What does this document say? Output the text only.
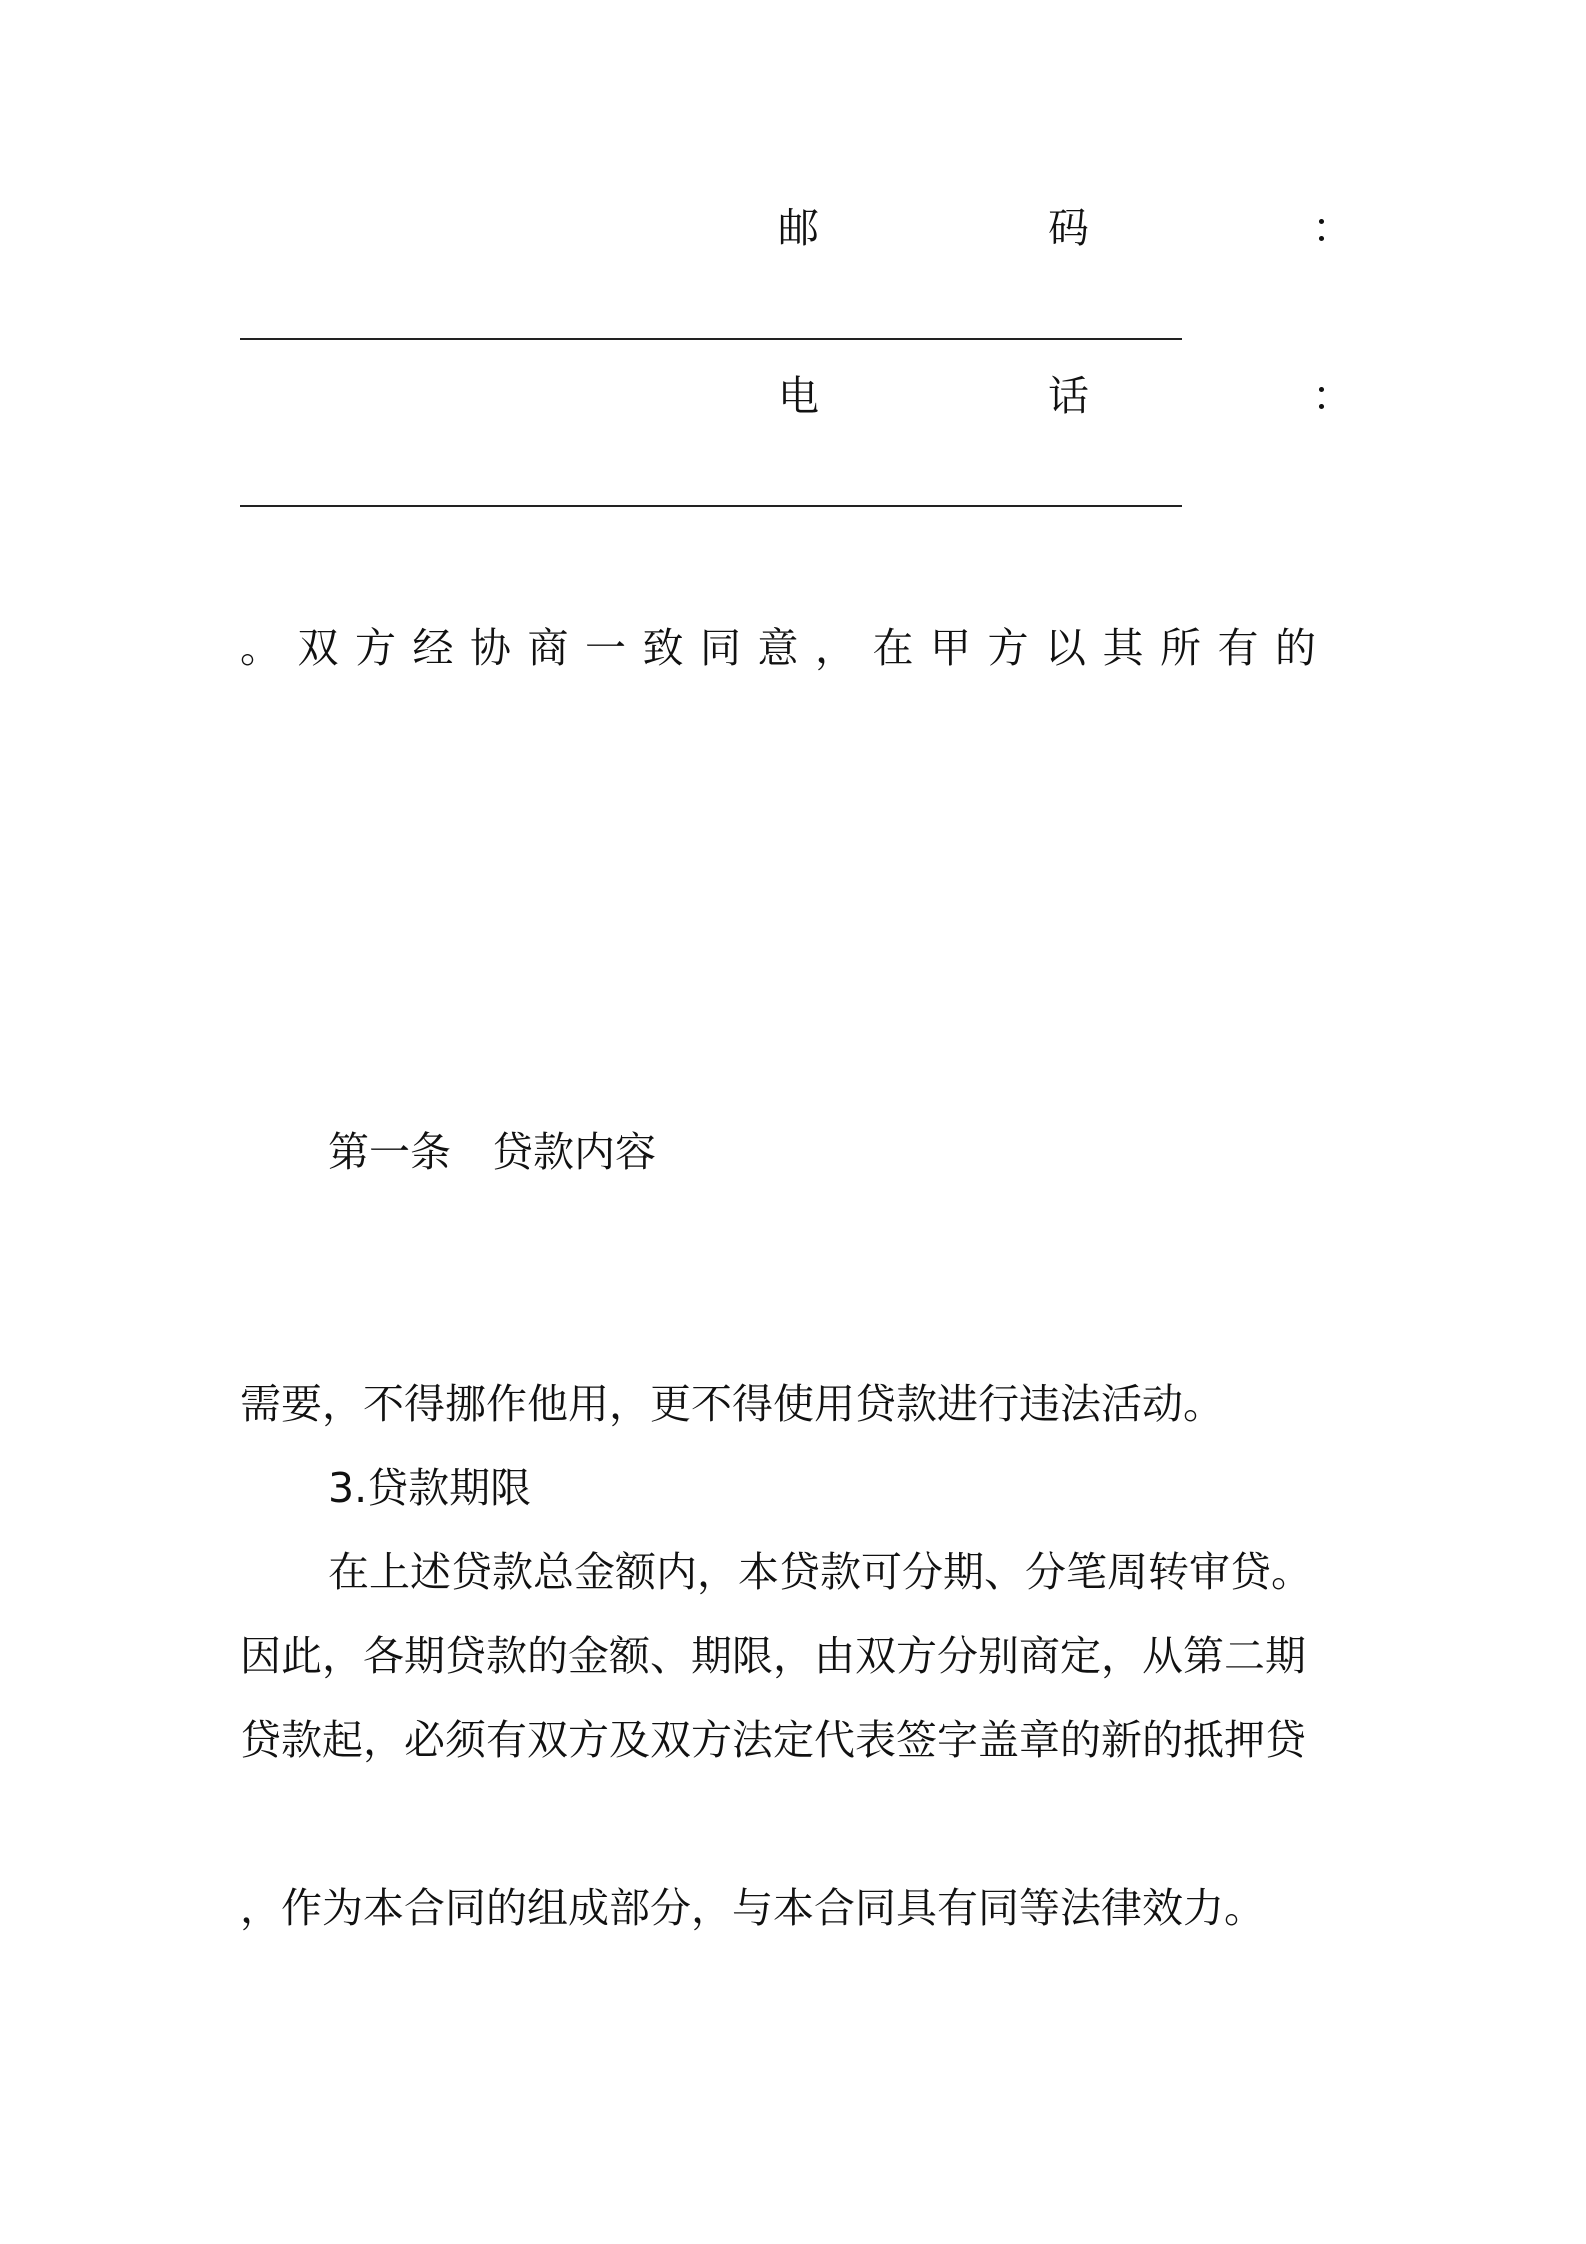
邮	码	：
电	话	：

。双方经协商一致同意，在甲方以其所有的

第一条　贷款内容

需要，不得挪作他用，更不得使用贷款进行违法活动。
3.贷款期限
在上述贷款总金额内，本贷款可分期、分笔周转审贷。
因此，各期贷款的金额、期限，由双方分别商定，从第二期
贷款起，必须有双方及双方法定代表签字盖章的新的抵押贷

，作为本合同的组成部分，与本合同具有同等法律效力。
